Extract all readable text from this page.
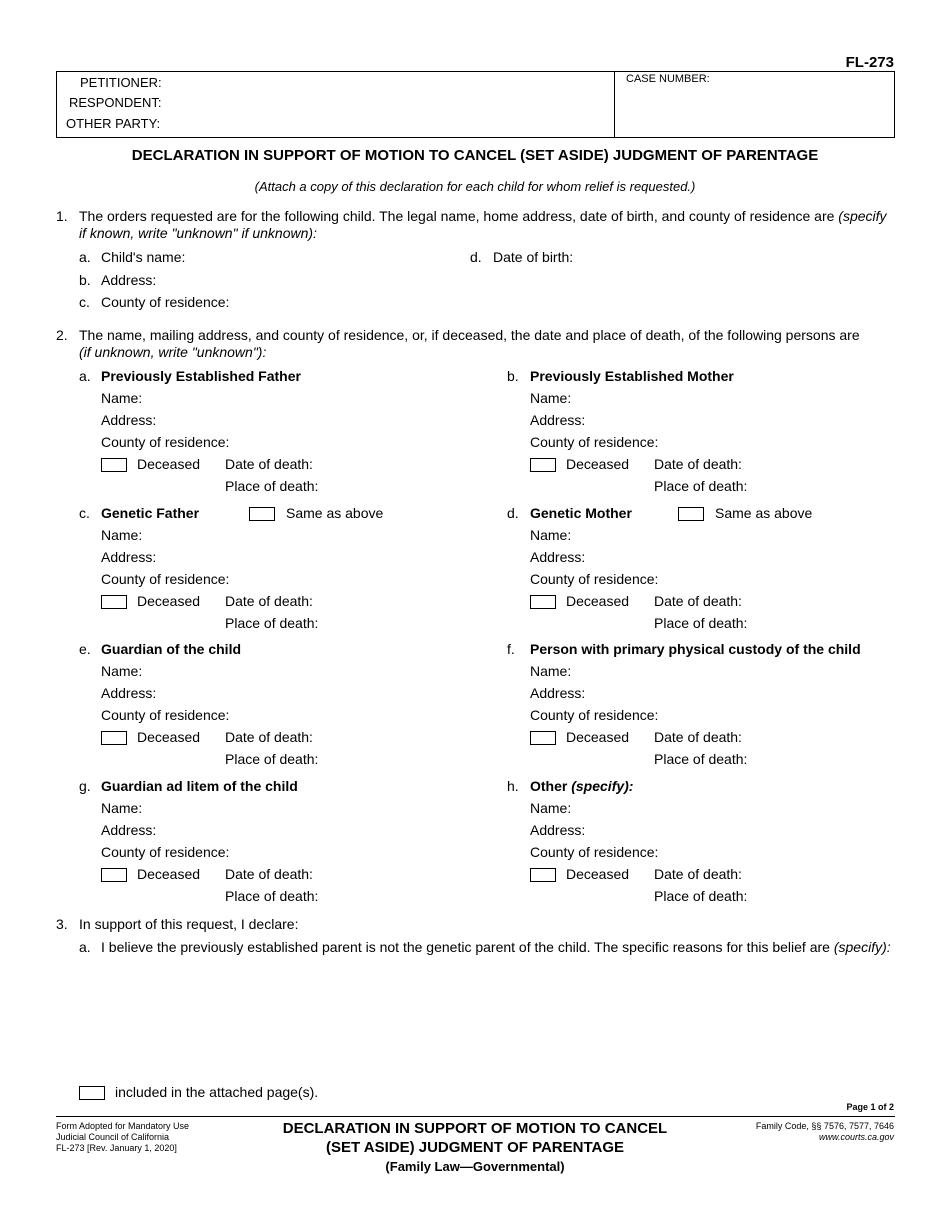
FL-273
PETITIONER:
RESPONDENT:
OTHER PARTY:
CASE NUMBER:
DECLARATION IN SUPPORT OF MOTION TO CANCEL (SET ASIDE) JUDGMENT OF PARENTAGE
(Attach a copy of this declaration for each child for whom relief is requested.)
1. The orders requested are for the following child. The legal name, home address, date of birth, and county of residence are (specify
if known, write "unknown" if unknown):
a. Child's name:	d. Date of birth:
b. Address:
c. County of residence:
2. The name, mailing address, and county of residence, or, if deceased, the date and place of death, of the following persons are
(if unknown, write "unknown"):
a. Previously Established Father
Name:
Address:
County of residence:
Deceased Date of death:
Place of death:
b. Previously Established Mother
Name:
Address:
County of residence:
Deceased Date of death:
Place of death:
c. Genetic Father	Same as above
Name:
Address:
County of residence:
Deceased Date of death:
Place of death:
d. Genetic Mother	Same as above
Name:
Address:
County of residence:
Deceased Date of death:
Place of death:
e. Guardian of the child
Name:
Address:
County of residence:
Deceased Date of death:
Place of death:
f. Person with primary physical custody of the child
Name:
Address:
County of residence:
Deceased Date of death:
Place of death:
g. Guardian ad litem of the child
Name:
Address:
County of residence:
Deceased Date of death:
Place of death:
h. Other (specify):
Name:
Address:
County of residence:
Deceased Date of death:
Place of death:
3. In support of this request, I declare:
a. I believe the previously established parent is not the genetic parent of the child. The specific reasons for this belief are (specify):
included in the attached page(s).
Page 1 of 2
Form Adopted for Mandatory Use
Judicial Council of California
FL-273 [Rev. January 1, 2020]
DECLARATION IN SUPPORT OF MOTION TO CANCEL
(SET ASIDE) JUDGMENT OF PARENTAGE
(Family Law—Governmental)
Family Code, §§ 7576, 7577, 7646
www.courts.ca.gov
